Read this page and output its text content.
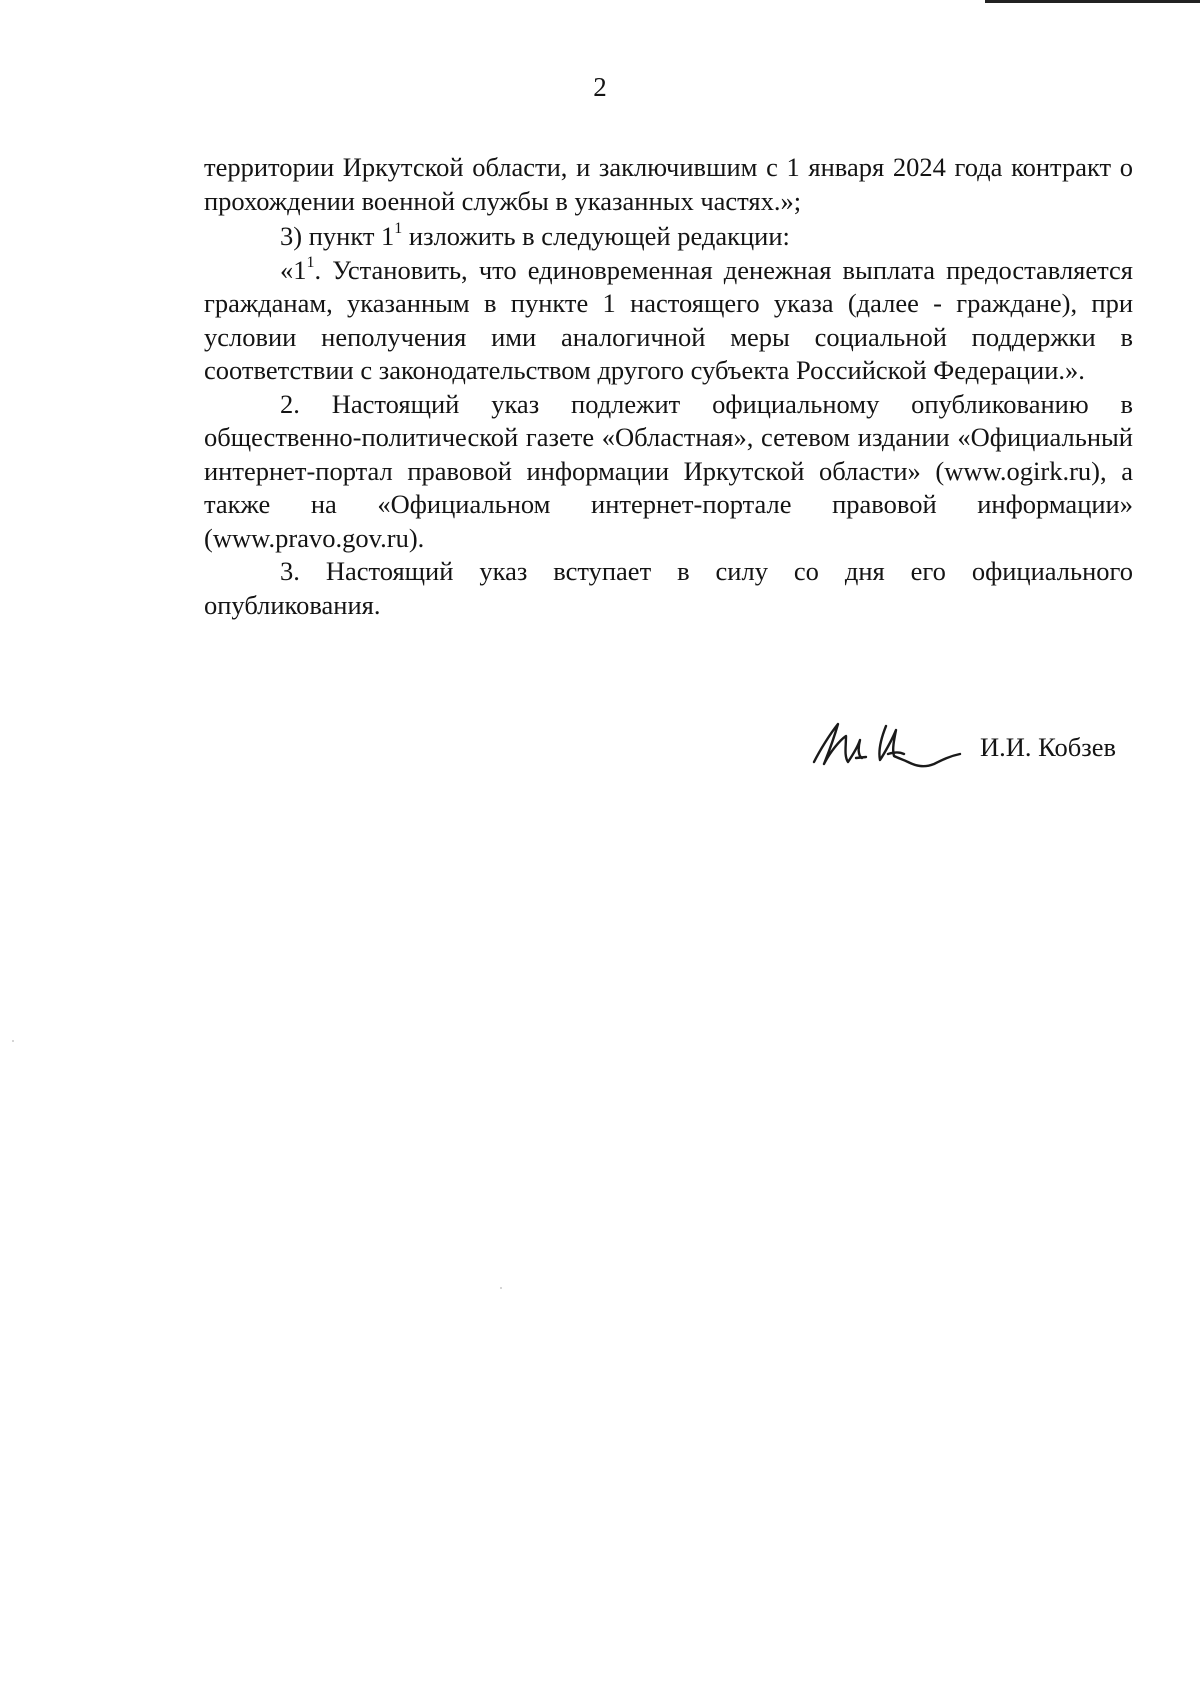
2

территории Иркутской области, и заключившим с 1 января 2024 года контракт о прохождении военной службы в указанных частях.»;

3) пункт $1^1$ изложить в следующей редакции:

«$1^1$. Установить, что единовременная денежная выплата предоставляется гражданам, указанным в пункте 1 настоящего указа (далее - граждане), при условии неполучения ими аналогичной меры социальной поддержки в соответствии с законодательством другого субъекта Российской Федерации.».

2. Настоящий указ подлежит официальному опубликованию в общественно-политической газете «Областная», сетевом издании «Официальный интернет-портал правовой информации Иркутской области» (www.ogirk.ru), а также на «Официальном интернет-портале правовой информации» (www.pravo.gov.ru).

3. Настоящий указ вступает в силу со дня его официального опубликования.

И.И. Кобзев
